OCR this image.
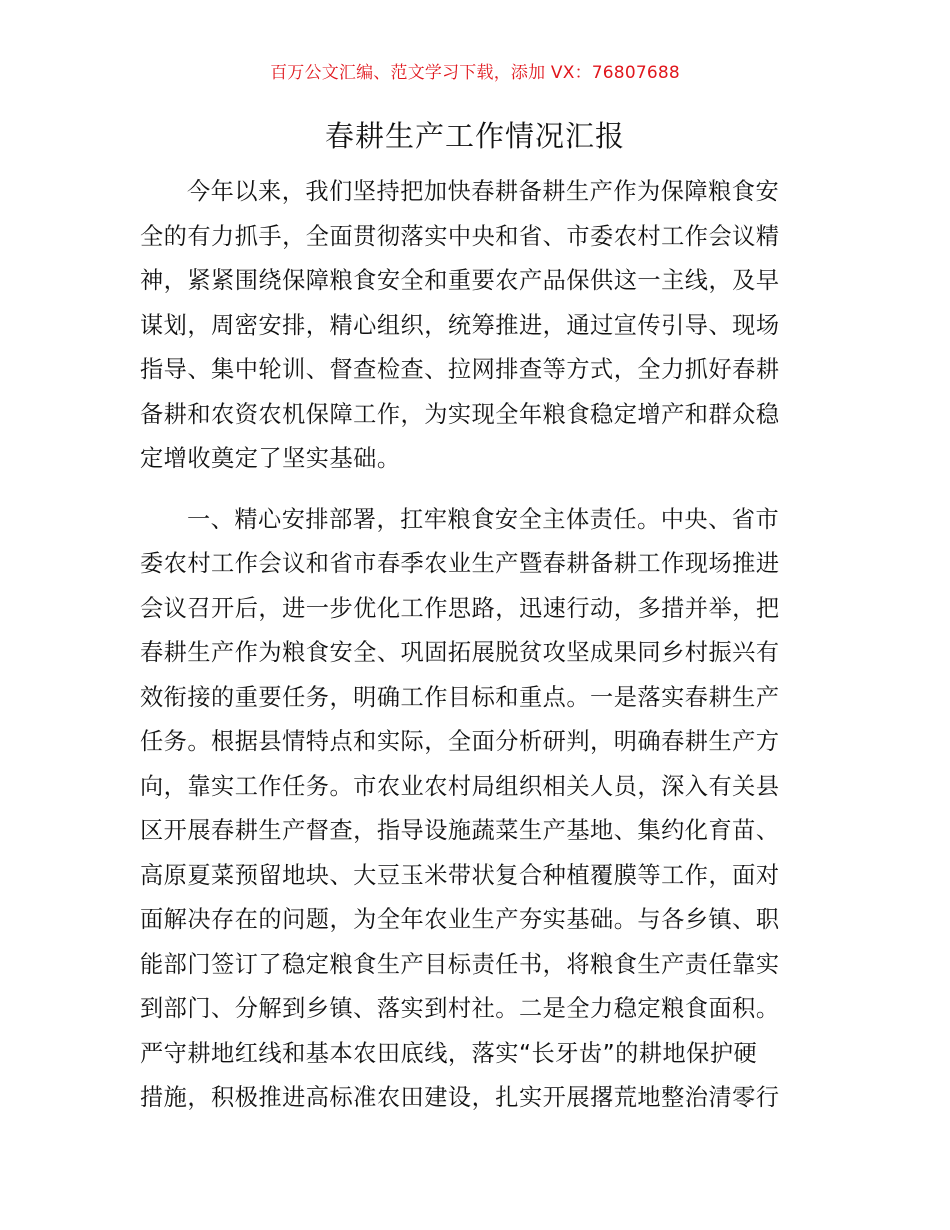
百万公文汇编、范文学习下载，添加 VX：76807688
春耕生产工作情况汇报
今年以来，我们坚持把加快春耕备耕生产作为保障粮食安
全的有力抓手，全面贯彻落实中央和省、市委农村工作会议精
神，紧紧围绕保障粮食安全和重要农产品保供这一主线，及早
谋划，周密安排，精心组织，统筹推进，通过宣传引导、现场
指导、集中轮训、督查检查、拉网排查等方式，全力抓好春耕
备耕和农资农机保障工作，为实现全年粮食稳定增产和群众稳
定增收奠定了坚实基础。
一、精心安排部署，扛牢粮食安全主体责任。中央、省市
委农村工作会议和省市春季农业生产暨春耕备耕工作现场推进
会议召开后，进一步优化工作思路，迅速行动，多措并举，把
春耕生产作为粮食安全、巩固拓展脱贫攻坚成果同乡村振兴有
效衔接的重要任务，明确工作目标和重点。一是落实春耕生产
任务。根据县情特点和实际，全面分析研判，明确春耕生产方
向，靠实工作任务。市农业农村局组织相关人员，深入有关县
区开展春耕生产督查，指导设施蔬菜生产基地、集约化育苗、
高原夏菜预留地块、大豆玉米带状复合种植覆膜等工作，面对
面解决存在的问题，为全年农业生产夯实基础。与各乡镇、职
能部门签订了稳定粮食生产目标责任书，将粮食生产责任靠实
到部门、分解到乡镇、落实到村社。二是全力稳定粮食面积。
严守耕地红线和基本农田底线，落实“长牙齿”的耕地保护硬
措施，积极推进高标准农田建设，扎实开展撂荒地整治清零行
